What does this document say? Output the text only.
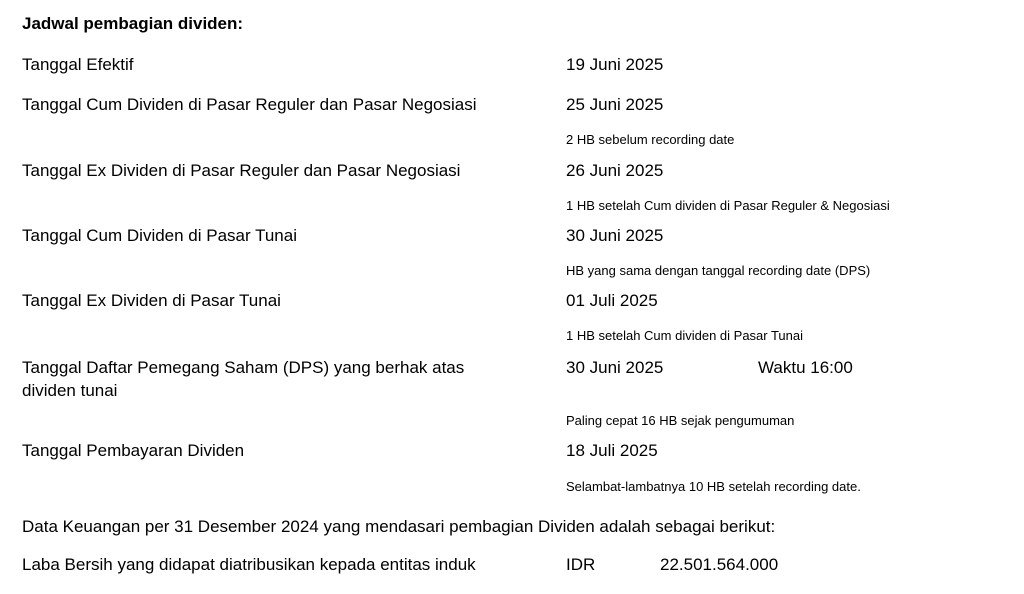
Jadwal pembagian dividen:
Tanggal Efektif	19 Juni 2025
Tanggal Cum Dividen di Pasar Reguler dan Pasar Negosiasi	25 Juni 2025
2 HB sebelum recording date
Tanggal Ex Dividen di Pasar Reguler dan Pasar Negosiasi	26 Juni 2025
1 HB setelah Cum dividen di Pasar Reguler & Negosiasi
Tanggal Cum Dividen di Pasar Tunai	30 Juni 2025
HB yang sama dengan tanggal recording date (DPS)
Tanggal Ex Dividen di Pasar Tunai	01 Juli 2025
1 HB setelah Cum dividen di Pasar Tunai
Tanggal Daftar Pemegang Saham (DPS) yang berhak atas
dividen tunai
30 Juni 2025	Waktu 16:00
Paling cepat 16 HB sejak pengumuman
Tanggal Pembayaran Dividen	18 Juli 2025
Selambat-lambatnya 10 HB setelah recording date.
Data Keuangan per 31 Desember 2024 yang mendasari pembagian Dividen adalah sebagai berikut:
Laba Bersih yang didapat diatribusikan kepada entitas induk	IDR	22.501.564.000
